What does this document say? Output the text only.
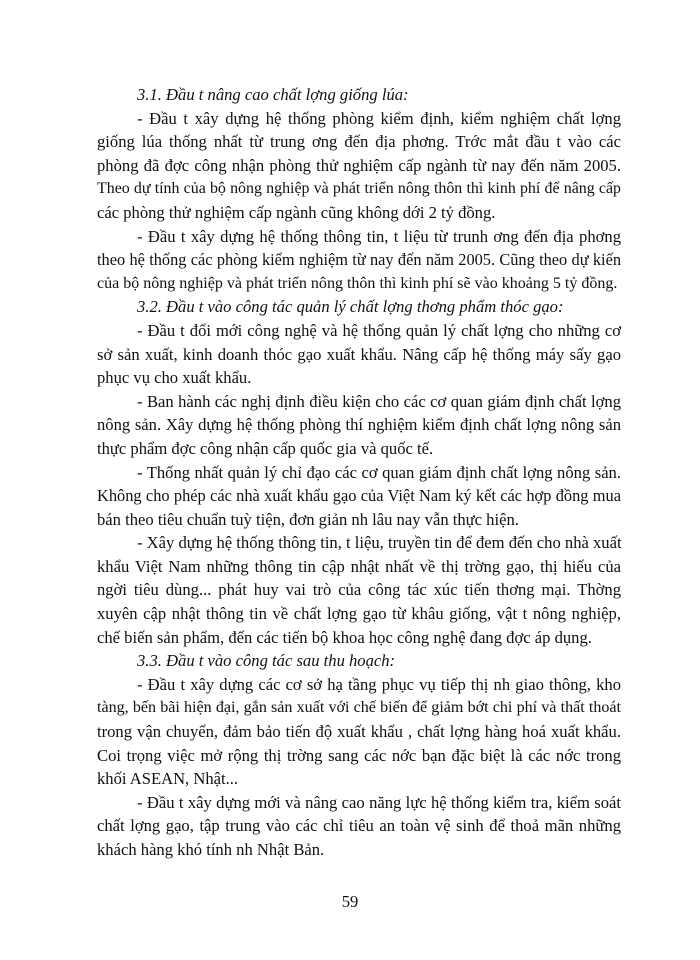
3.1. Đầu t nâng cao chất lợng giống lúa:
- Đầu t xây dựng hệ thống phòng kiểm định, kiểm nghiệm chất lợng
giống lúa thống nhất từ trung ơng đến địa phơng. Trớc mắt đầu t vào các
phòng đã đợc công nhận phòng thử nghiệm cấp ngành từ nay đến năm 2005.
Theo dự tính của bộ nông nghiệp và phát triển nông thôn thì kinh phí để nâng cấp
các phòng thử nghiệm cấp ngành cũng không dới 2 tỷ đồng.
- Đầu t xây dựng hệ thống thông tin, t liệu từ trunh ơng đến địa phơng
theo hệ thống các phòng kiểm nghiệm từ nay đến năm 2005. Cũng theo dự kiến
của bộ nông nghiệp và phát triển nông thôn thì kinh phí sẽ vào khoảng 5 tỷ đồng.
3.2. Đầu t vào công tác quản lý chất lợng thơng phẩm thóc gạo:
- Đầu t đổi mới công nghệ và hệ thống quản lý chất lợng cho những cơ
sở sản xuất, kinh doanh thóc gạo xuất khẩu. Nâng cấp hệ thống máy sấy gạo
phục vụ cho xuất khẩu.
- Ban hành các nghị định điều kiện cho các cơ quan giám định chất lợng
nông sản. Xây dựng hệ thống phòng thí nghiệm kiểm định chất lợng nông sản
thực phẩm đợc công nhận cấp quốc gia và quốc tế.
- Thống nhất quản lý chỉ đạo các cơ quan giám định chất lợng nông sản.
Không cho phép các nhà xuất khẩu gạo của Việt Nam ký kết các hợp đồng mua
bán theo tiêu chuẩn tuỳ tiện, đơn giản nh lâu nay vẫn thực hiện.
- Xây dựng hệ thống thông tin, t liệu, truyền tin để đem đến cho nhà xuất
khẩu Việt Nam những thông tin cập nhật nhất về thị trờng gạo, thị hiếu của
ngời tiêu dùng... phát huy vai trò của công tác xúc tiến thơng mại. Thờng
xuyên cập nhật thông tin về chất lợng gạo từ khâu giống, vật t nông nghiệp,
chế biến sản phẩm, đến các tiến bộ khoa học công nghệ đang đợc áp dụng.
3.3. Đầu t vào công tác sau thu hoạch:
- Đầu t xây dựng các cơ sở hạ tầng phục vụ tiếp thị nh giao thông, kho
tàng, bến bãi hiện đại, gắn sản xuất với chế biến để giảm bớt chi phí và thất thoát
trong vận chuyển, đảm bảo tiến độ xuất khẩu , chất lợng hàng hoá xuất khẩu.
Coi trọng việc mở rộng thị trờng sang các nớc bạn đặc biệt là các nớc trong
khối ASEAN, Nhật...
- Đầu t xây dựng mới và nâng cao năng lực hệ thống kiểm tra, kiểm soát
chất lợng gạo, tập trung vào các chỉ tiêu an toàn vệ sinh để thoả mãn những
khách hàng khó tính nh Nhật Bản.
59
